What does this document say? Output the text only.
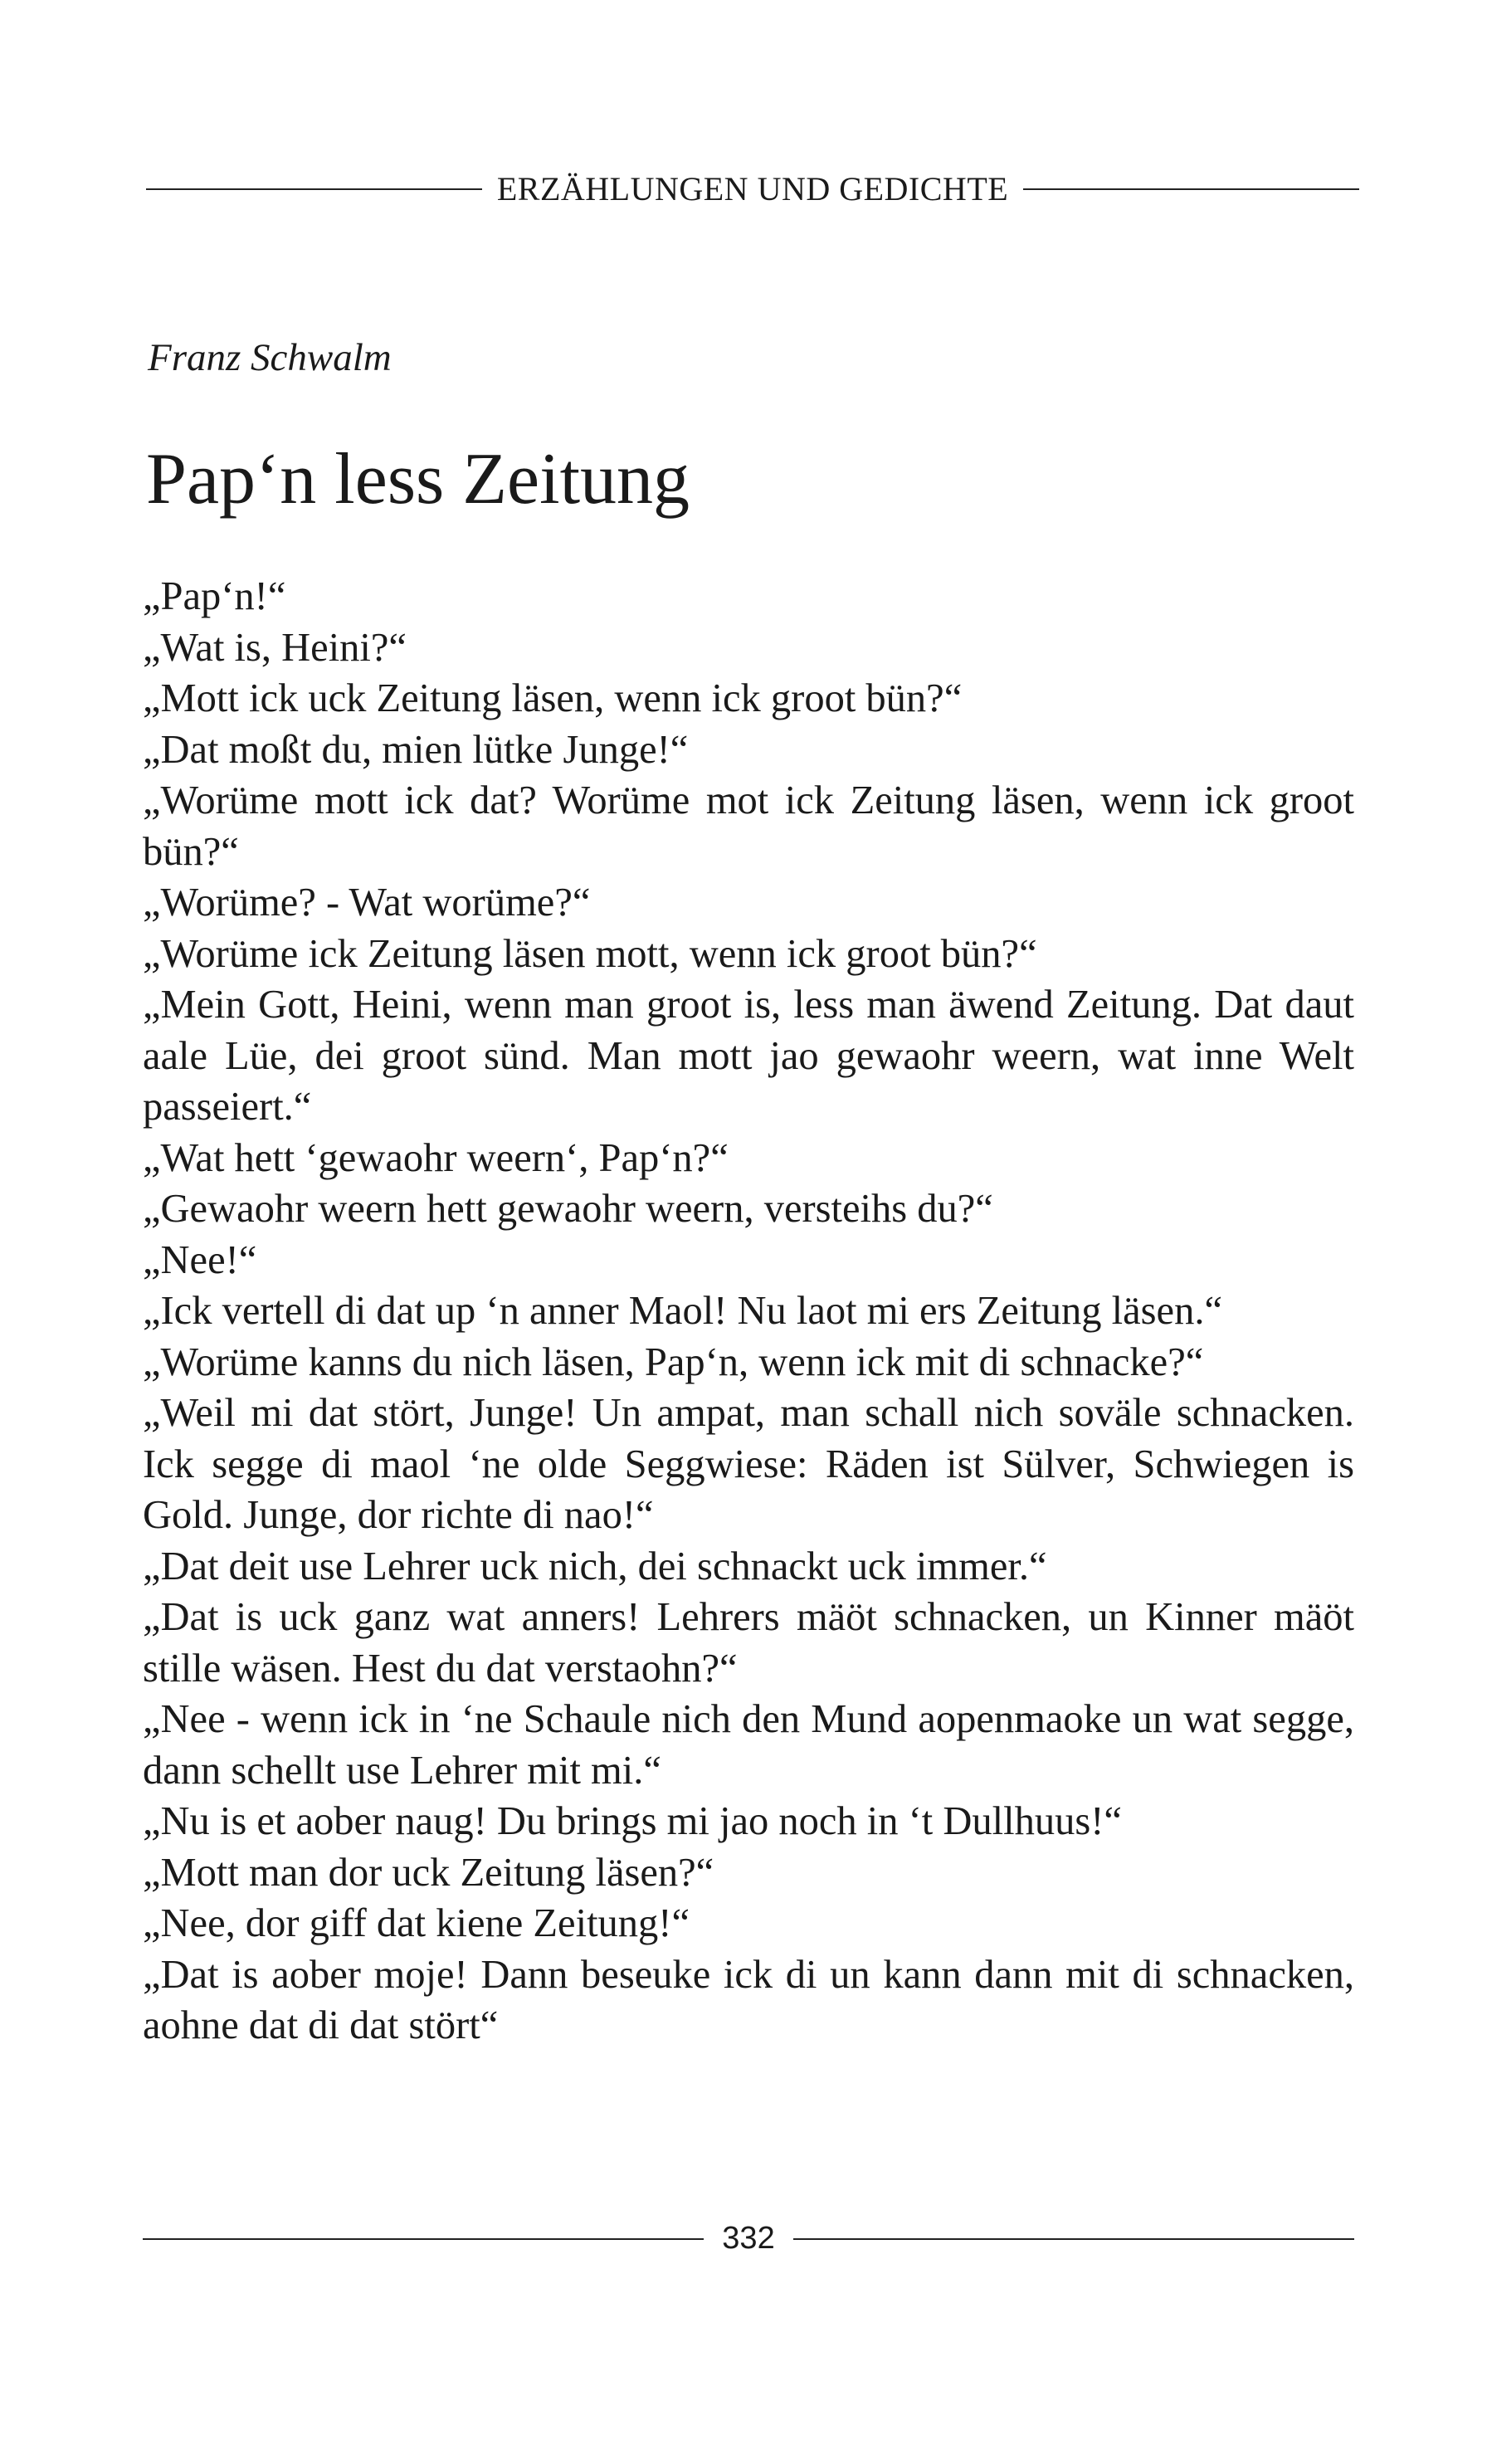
ERZÄHLUNGEN UND GEDICHTE
Franz Schwalm
Pap‘n less Zeitung

„Pap‘n!“

„Wat is, Heini?“

„Mott ick uck Zeitung läsen, wenn ick groot bün?“

„Dat moßt du, mien lütke Junge!“

„Worüme mott ick dat? Worüme mot ick Zeitung läsen, wenn ick groot bün?“

„Worüme? - Wat worüme?“

„Worüme ick Zeitung läsen mott, wenn ick groot bün?“

„Mein Gott, Heini, wenn man groot is, less man äwend Zeitung. Dat daut aale Lüe, dei groot sünd. Man mott jao gewaohr weern, wat inne Welt passeiert.“

„Wat hett ‘gewaohr weern‘, Pap‘n?“

„Gewaohr weern hett gewaohr weern, versteihs du?“

„Nee!“

„Ick vertell di dat up ‘n anner Maol! Nu laot mi ers Zeitung läsen.“

„Worüme kanns du nich läsen, Pap‘n, wenn ick mit di schnacke?“

„Weil mi dat stört, Junge! Un ampat, man schall nich soväle schnacken. Ick segge di maol ‘ne olde Seggwiese: Räden ist Sülver, Schwiegen is Gold. Junge, dor richte di nao!“

„Dat deit use Lehrer uck nich, dei schnackt uck immer.“

„Dat is uck ganz wat anners! Lehrers mäöt schnacken, un Kinner mäöt stille wäsen. Hest du dat verstaohn?“

„Nee - wenn ick in ‘ne Schaule nich den Mund aopenmaoke un wat segge, dann schellt use Lehrer mit mi.“

„Nu is et aober naug! Du brings mi jao noch in ‘t Dullhuus!“

„Mott man dor uck Zeitung läsen?“

„Nee, dor giff dat kiene Zeitung!“

„Dat is aober moje! Dann beseuke ick di un kann dann mit di schnacken, aohne dat di dat stört“

332
